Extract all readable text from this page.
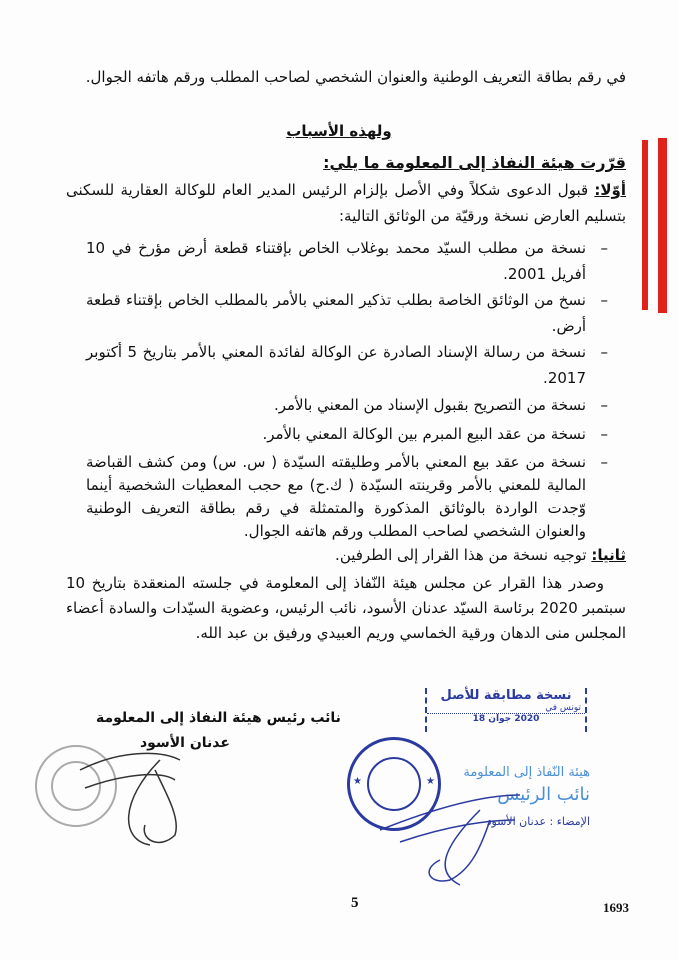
في رقم بطاقة التعريف الوطنية والعنوان الشخصي لصاحب المطلب ورقم هاتفه الجوال.
ولهذه الأسباب
قرّرت هيئة النفاذ إلى المعلومة ما يلي:
أوّلا: قبول الدعوى شكلاً وفي الأصل بإلزام الرئيس المدير العام للوكالة العقارية للسكنى بتسليم العارض نسخة ورقيّة من الوثائق التالية:
– نسخة من مطلب السيّد محمد بوغلاب الخاص بإقتناء قطعة أرض مؤرخ في 10 أفريل 2001.
– نسخ من الوثائق الخاصة بطلب تذكير المعني بالأمر بالمطلب الخاص بإقتناء قطعة أرض.
– نسخة من رسالة الإسناد الصادرة عن الوكالة لفائدة المعني بالأمر بتاريخ 5 أكتوبر 2017.
– نسخة من التصريح بقبول الإسناد من المعني بالأمر.
– نسخة من عقد البيع المبرم بين الوكالة المعني بالأمر.
– نسخة من عقد بيع المعني بالأمر وطليقته السيّدة ( س. س) ومن كشف القباضة المالية للمعني بالأمر وقرينته السيّدة ( ك.ح) مع حجب المعطيات الشخصية أينما وّجدت الواردة بالوثائق المذكورة والمتمثلة في رقم بطاقة التعريف الوطنية والعنوان الشخصي لصاحب المطلب ورقم هاتفه الجوال.
ثانيا: توجيه نسخة من هذا القرار إلى الطرفين.
وصدر هذا القرار عن مجلس هيئة النّفاذ إلى المعلومة في جلسته المنعقدة بتاريخ 10 سبتمبر 2020 برئاسة السيّد عدنان الأسود، نائب الرئيس، وعضوية السيّدات والسادة أعضاء المجلس منى الدهان ورقية الخماسي وريم العبيدي ورفيق بن عبد الله.
نائب رئيس هيئة النفاذ إلى المعلومة
عدنان الأسود
نسخة مطابقة للأصل
تونس في
2020 جوان 18
★	★
هيئة النّفاذ إلى المعلومة
نائب الرئيس
الإمضاء : عدنان الأسود
5	1693
